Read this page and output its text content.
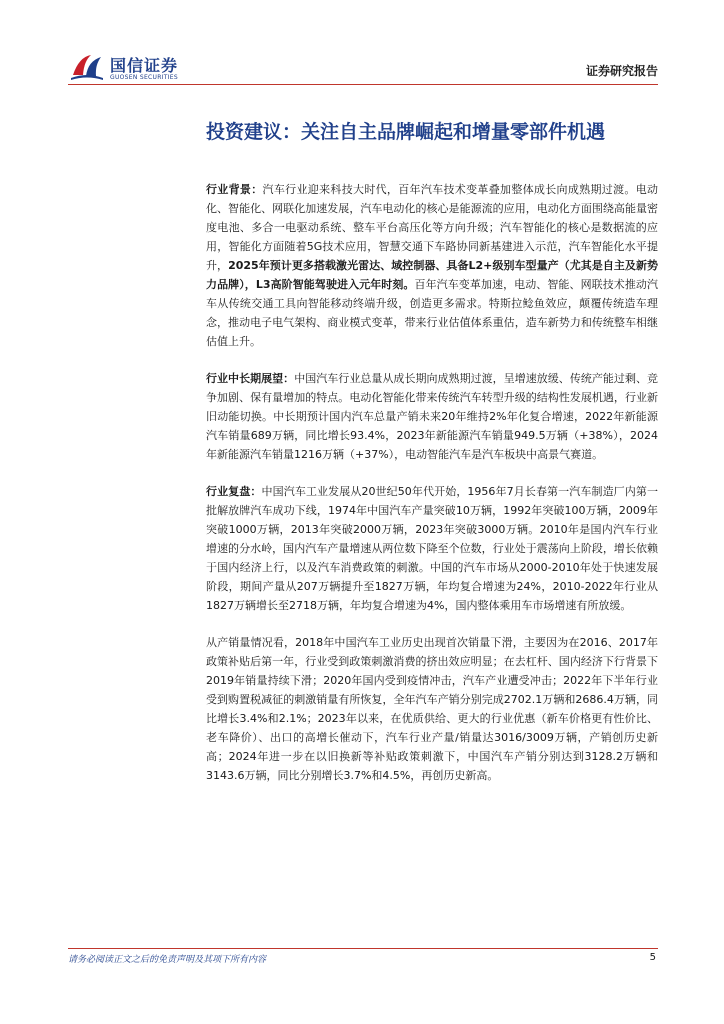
国信证券
GUOSEN SECURITIES	证券研究报告
投资建议：关注自主品牌崛起和增量零部件机遇

行业背景：汽车行业迎来科技大时代，百年汽车技术变革叠加整体成长向成熟期过渡。电动化、智能化、网联化加速发展，汽车电动化的核心是能源流的应用，电动化方面围绕高能量密度电池、多合一电驱动系统、整车平台高压化等方向升级；汽车智能化的核心是数据流的应用，智能化方面随着5G技术应用，智慧交通下车路协同新基建进入示范，汽车智能化水平提升，2025年预计更多搭载激光雷达、域控制器、具备L2+级别车型量产（尤其是自主及新势力品牌），L3高阶智能驾驶进入元年时刻。百年汽车变革加速，电动、智能、网联技术推动汽车从传统交通工具向智能移动终端升级，创造更多需求。特斯拉鲶鱼效应，颠覆传统造车理念，推动电子电气架构、商业模式变革，带来行业估值体系重估，造车新势力和传统整车相继估值上升。

行业中长期展望：中国汽车行业总量从成长期向成熟期过渡，呈增速放缓、传统产能过剩、竞争加剧、保有量增加的特点。电动化智能化带来传统汽车转型升级的结构性发展机遇，行业新旧动能切换。中长期预计国内汽车总量产销未来20年维持2%年化复合增速，2022年新能源汽车销量689万辆，同比增长93.4%，2023年新能源汽车销量949.5万辆（+38%），2024年新能源汽车销量1216万辆（+37%），电动智能汽车是汽车板块中高景气赛道。

行业复盘：中国汽车工业发展从20世纪50年代开始，1956年7月长春第一汽车制造厂内第一批解放牌汽车成功下线，1974年中国汽车产量突破10万辆，1992年突破100万辆，2009年突破1000万辆，2013年突破2000万辆，2023年突破3000万辆。2010年是国内汽车行业增速的分水岭，国内汽车产量增速从两位数下降至个位数，行业处于震荡向上阶段，增长依赖于国内经济上行，以及汽车消费政策的刺激。中国的汽车市场从2000-2010年处于快速发展阶段，期间产量从207万辆提升至1827万辆，年均复合增速为24%，2010-2022年行业从1827万辆增长至2718万辆，年均复合增速为4%，国内整体乘用车市场增速有所放缓。

从产销量情况看，2018年中国汽车工业历史出现首次销量下滑，主要因为在2016、2017年政策补贴后第一年，行业受到政策刺激消费的挤出效应明显；在去杠杆、国内经济下行背景下2019年销量持续下滑；2020年国内受到疫情冲击，汽车产业遭受冲击；2022年下半年行业受到购置税减征的刺激销量有所恢复，全年汽车产销分别完成2702.1万辆和2686.4万辆，同比增长3.4%和2.1%；2023年以来，在优质供给、更大的行业优惠（新车价格更有性价比、老车降价）、出口的高增长催动下，汽车行业产量/销量达3016/3009万辆，产销创历史新高；2024年进一步在以旧换新等补贴政策刺激下，中国汽车产销分别达到3128.2万辆和3143.6万辆，同比分别增长3.7%和4.5%，再创历史新高。

请务必阅读正文之后的免责声明及其项下所有内容	5
